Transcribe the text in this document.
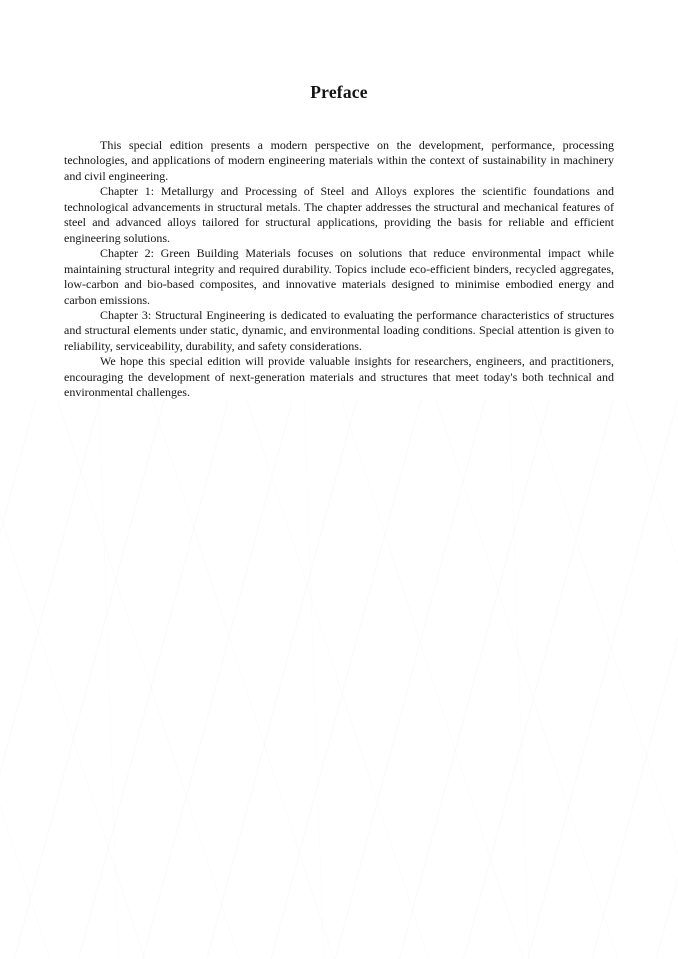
Preface

This special edition presents a modern perspective on the development, performance, processing technologies, and applications of modern engineering materials within the context of sustainability in machinery and civil engineering.

Chapter 1: Metallurgy and Processing of Steel and Alloys explores the scientific foundations and technological advancements in structural metals. The chapter addresses the structural and mechanical features of steel and advanced alloys tailored for structural applications, providing the basis for reliable and efficient engineering solutions.

Chapter 2: Green Building Materials focuses on solutions that reduce environmental impact while maintaining structural integrity and required durability. Topics include eco-efficient binders, recycled aggregates, low-carbon and bio-based composites, and innovative materials designed to minimise embodied energy and carbon emissions.

Chapter 3: Structural Engineering is dedicated to evaluating the performance characteristics of structures and structural elements under static, dynamic, and environmental loading conditions. Special attention is given to reliability, serviceability, durability, and safety considerations.

We hope this special edition will provide valuable insights for researchers, engineers, and practitioners, encouraging the development of next-generation materials and structures that meet today's both technical and environmental challenges.
